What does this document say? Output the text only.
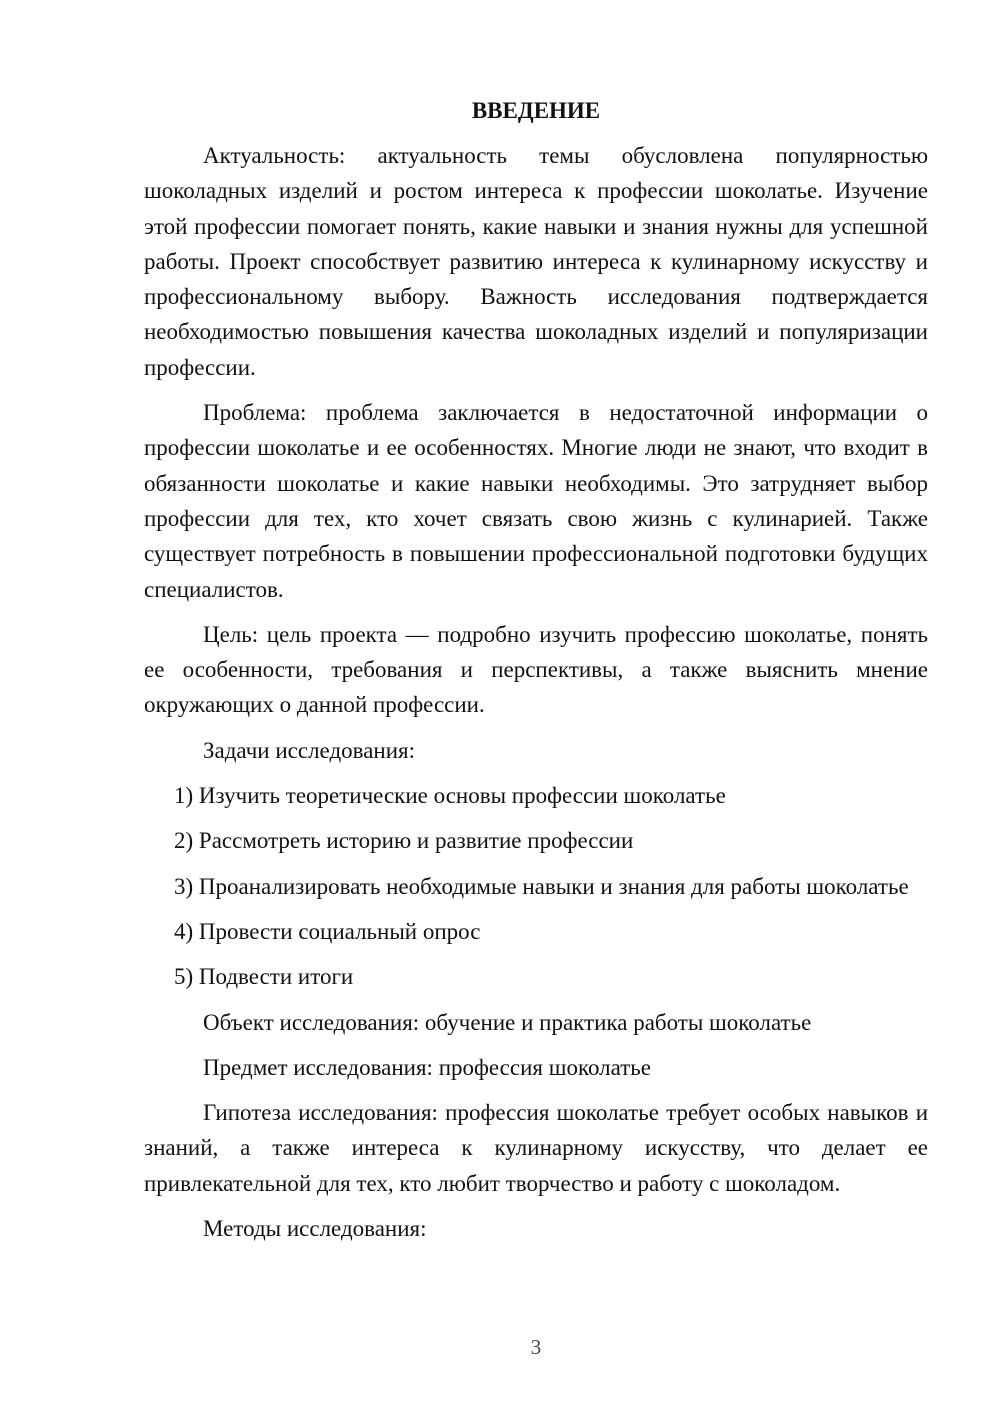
ВВЕДЕНИЕ

Актуальность: актуальность темы обусловлена популярностью шоколадных изделий и ростом интереса к профессии шоколатье. Изучение этой профессии помогает понять, какие навыки и знания нужны для успешной работы. Проект способствует развитию интереса к кулинарному искусству и профессиональному выбору. Важность исследования подтверждается необходимостью повышения качества шоколадных изделий и популяризации профессии.

Проблема: проблема заключается в недостаточной информации о профессии шоколатье и ее особенностях. Многие люди не знают, что входит в обязанности шоколатье и какие навыки необходимы. Это затрудняет выбор профессии для тех, кто хочет связать свою жизнь с кулинарией. Также существует потребность в повышении профессиональной подготовки будущих специалистов.

Цель: цель проекта — подробно изучить профессию шоколатье, понять ее особенности, требования и перспективы, а также выяснить мнение окружающих о данной профессии.

Задачи исследования:

1) Изучить теоретические основы профессии шоколатье

2) Рассмотреть историю и развитие профессии

3) Проанализировать необходимые навыки и знания для работы шоколатье

4) Провести социальный опрос

5) Подвести итоги

Объект исследования: обучение и практика работы шоколатье

Предмет исследования: профессия шоколатье

Гипотеза исследования: профессия шоколатье требует особых навыков и знаний, а также интереса к кулинарному искусству, что делает ее привлекательной для тех, кто любит творчество и работу с шоколадом.

Методы исследования:

3
